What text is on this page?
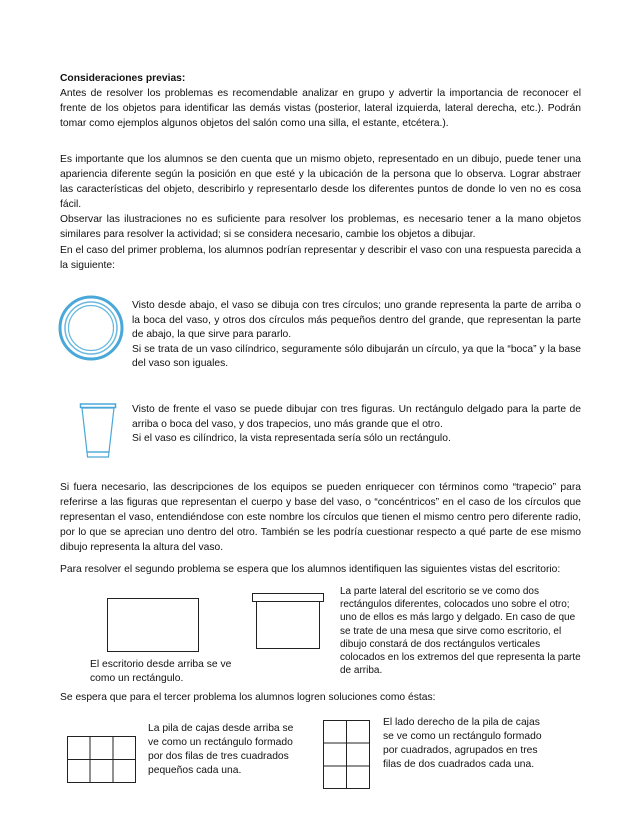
Consideraciones previas:

Antes de resolver los problemas es recomendable analizar en grupo y advertir la importancia de reconocer el frente de los objetos para identificar las demás vistas (posterior, lateral izquierda, lateral derecha, etc.). Podrán tomar como ejemplos algunos objetos del salón como una silla, el estante, etcétera.).

Es importante que los alumnos se den cuenta que un mismo objeto, representado en un dibujo, puede tener una apariencia diferente según la posición en que esté y la ubicación de la persona que lo observa. Lograr abstraer las características del objeto, describirlo y representarlo desde los diferentes puntos de donde lo ven no es cosa fácil.

Observar las ilustraciones no es suficiente para resolver los problemas, es necesario tener a la mano objetos similares para resolver la actividad; si se considera necesario, cambie los objetos a dibujar.

En el caso del primer problema, los alumnos podrían representar y describir el vaso con una respuesta parecida a la siguiente:

Visto desde abajo, el vaso se dibuja con tres círculos; uno grande representa la parte de arriba o la boca del vaso, y otros dos círculos más pequeños dentro del grande, que representan la parte de abajo, la que sirve para pararlo.

Si se trata de un vaso cilíndrico, seguramente sólo dibujarán un círculo, ya que la “boca” y la base del vaso son iguales.

Visto de frente el vaso se puede dibujar con tres figuras. Un rectángulo delgado para la parte de arriba o boca del vaso, y dos trapecios, uno más grande que el otro.

Si el vaso es cilíndrico, la vista representada sería sólo un rectángulo.

Si fuera necesario, las descripciones de los equipos se pueden enriquecer con términos como “trapecio” para referirse a las figuras que representan el cuerpo y base del vaso, o “concéntricos” en el caso de los círculos que representan el vaso, entendiéndose con este nombre los círculos que tienen el mismo centro pero diferente radio, por lo que se aprecian uno dentro del otro. También se les podría cuestionar respecto a qué parte de ese mismo dibujo representa la altura del vaso.

Para resolver el segundo problema se espera que los alumnos identifiquen las siguientes vistas del escritorio:

El escritorio desde arriba se ve como un rectángulo.
La parte lateral del escritorio se ve como dos rectángulos diferentes, colocados uno sobre el otro; uno de ellos es más largo y delgado. En caso de que se trate de una mesa que sirve como escritorio, el dibujo constará de dos rectángulos verticales colocados en los extremos del que representa la parte de arriba.

Se espera que para el tercer problema los alumnos logren soluciones como éstas:

La pila de cajas desde arriba se ve como un rectángulo formado por dos filas de tres cuadrados pequeños cada una.
El lado derecho de la pila de cajas se ve como un rectángulo formado por cuadrados, agrupados en tres filas de dos cuadrados cada una.
